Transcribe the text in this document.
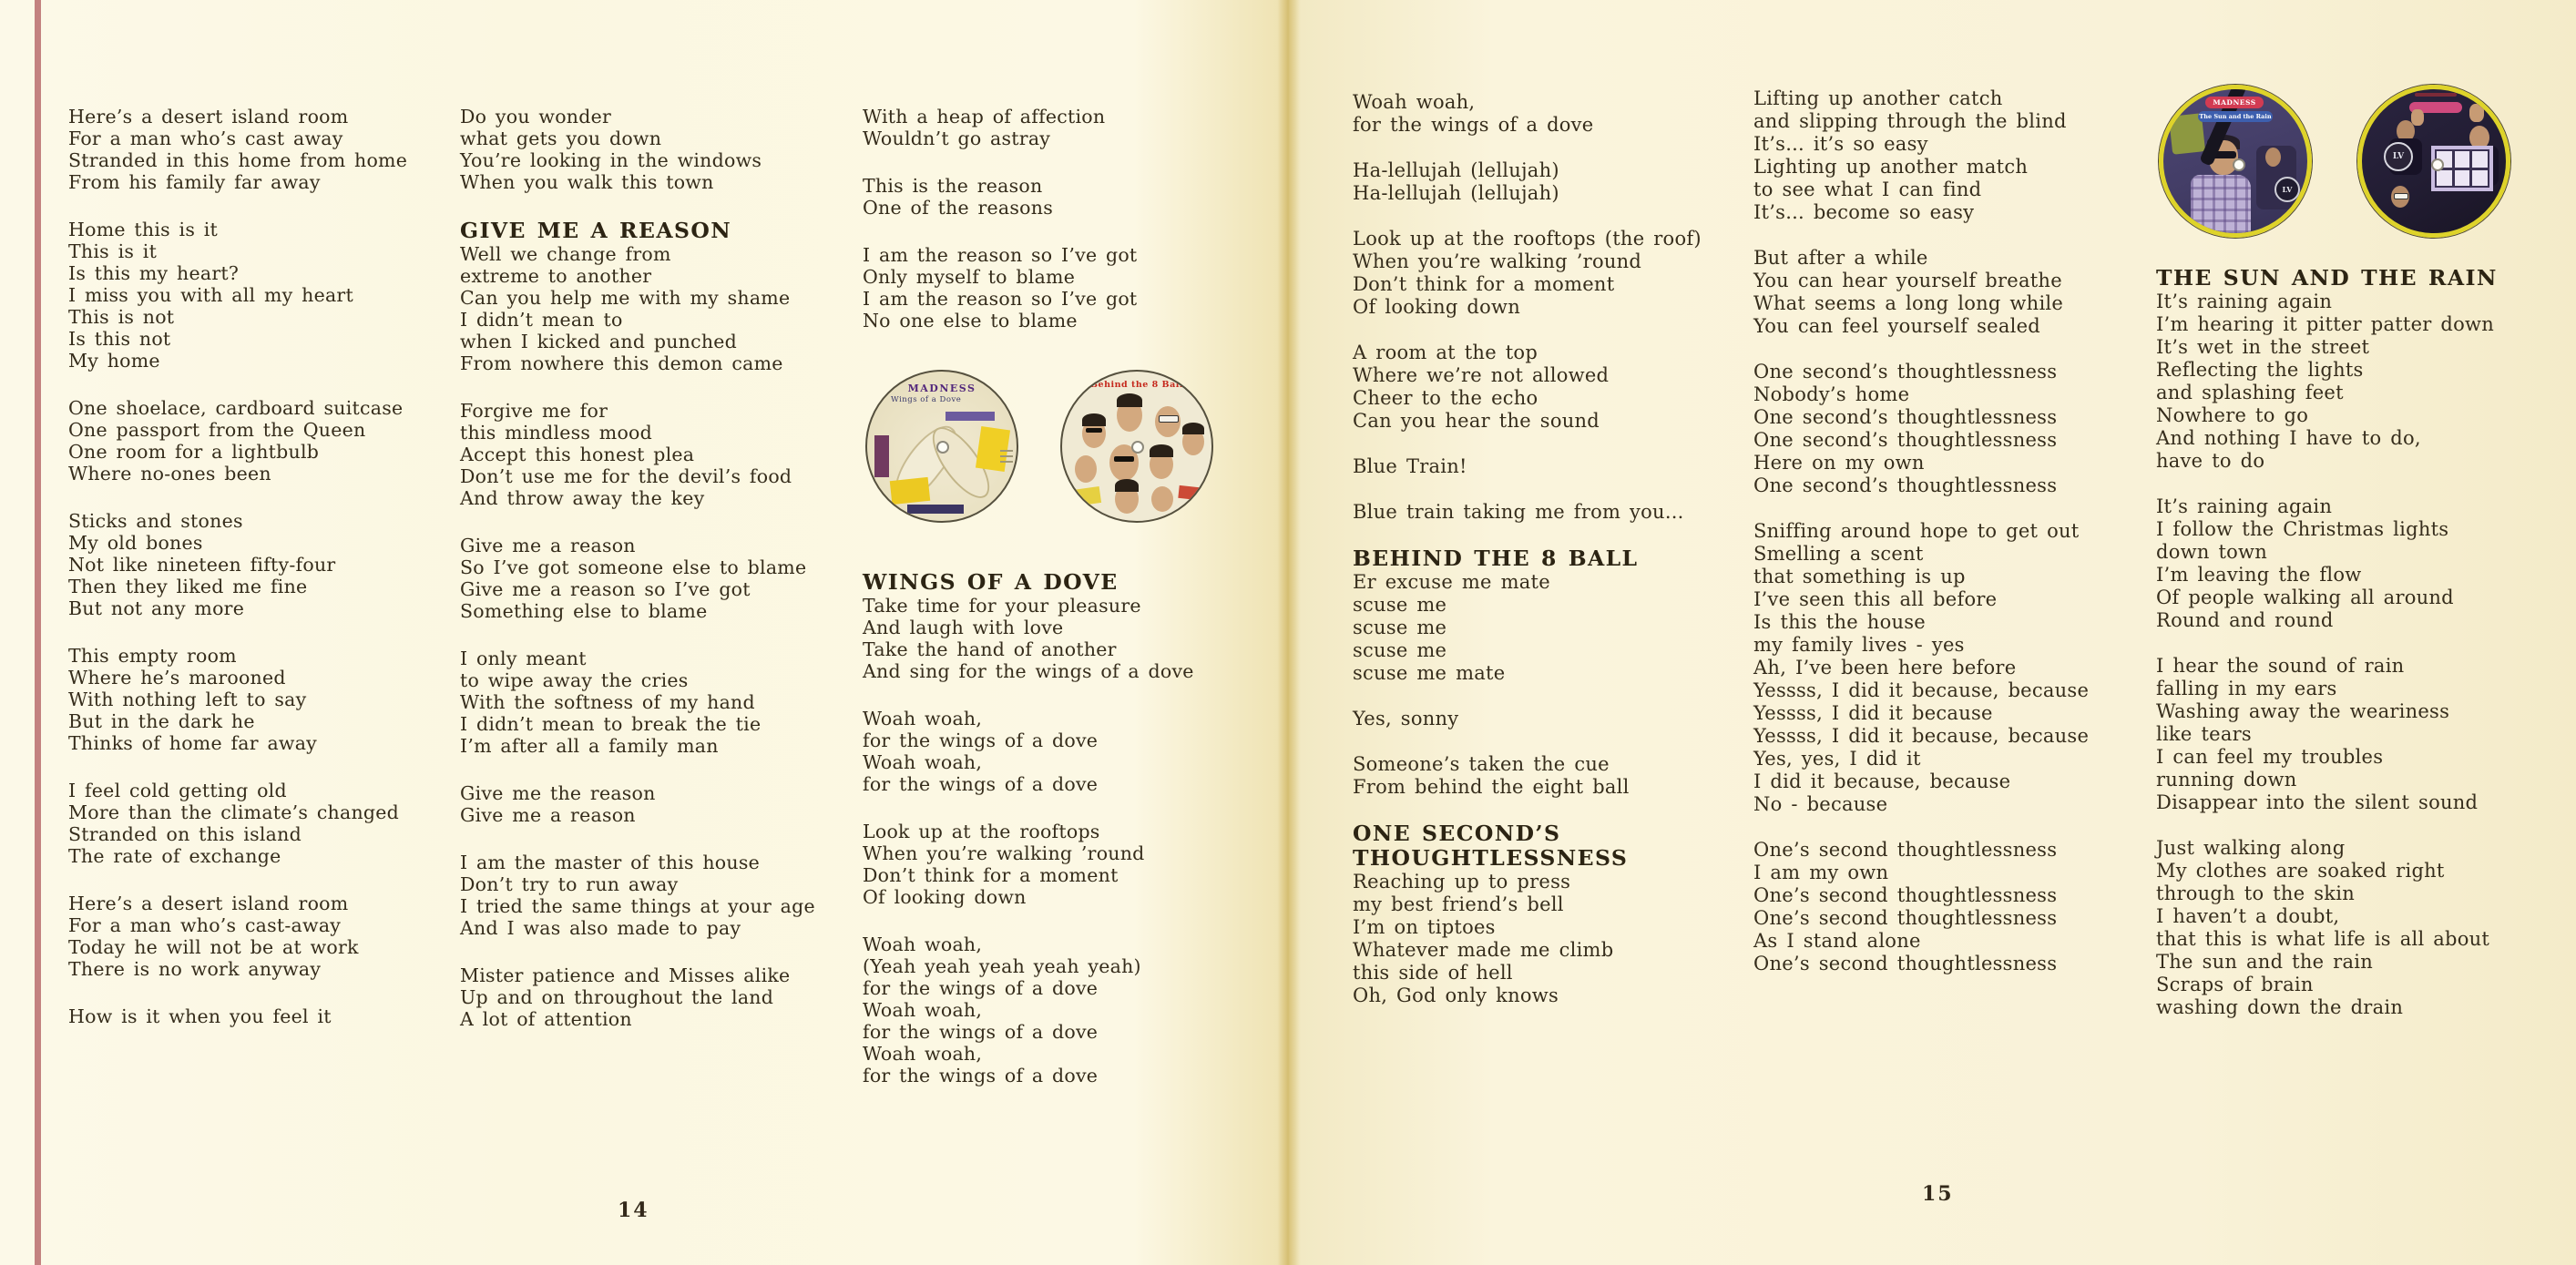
Here’s a desert island room
For a man who’s cast away
Stranded in this home from home
From his family far away
Home this is it
This is it
Is this my heart?
I miss you with all my heart
This is not
Is this not
My home
One shoelace, cardboard suitcase
One passport from the Queen
One room for a lightbulb
Where no-ones been
Sticks and stones
My old bones
Not like nineteen fifty-four
Then they liked me fine
But not any more
This empty room
Where he’s marooned
With nothing left to say
But in the dark he
Thinks of home far away
I feel cold getting old
More than the climate’s changed
Stranded on this island
The rate of exchange
Here’s a desert island room
For a man who’s cast-away
Today he will not be at work
There is no work anyway
How is it when you feel it
Do you wonder
what gets you down
You’re looking in the windows
When you walk this town
GIVE ME A REASON
Well we change from
extreme to another
Can you help me with my shame
I didn’t mean to
when I kicked and punched
From nowhere this demon came
Forgive me for
this mindless mood
Accept this honest plea
Don’t use me for the devil’s food
And throw away the key
Give me a reason
So I’ve got someone else to blame
Give me a reason so I’ve got
Something else to blame
I only meant
to wipe away the cries
With the softness of my hand
I didn’t mean to break the tie
I’m after all a family man
Give me the reason
Give me a reason
I am the master of this house
Don’t try to run away
I tried the same things at your age
And I was also made to pay
Mister patience and Misses alike
Up and on throughout the land
A lot of attention
With a heap of affection
Wouldn’t go astray
This is the reason
One of the reasons
I am the reason so I’ve got
Only myself to blame
I am the reason so I’ve got
No one else to blame
MADNESS
Wings of a Dove
Behind the 8 Ball
WINGS OF A DOVE
Take time for your pleasure
And laugh with love
Take the hand of another
And sing for the wings of a dove
Woah woah,
for the wings of a dove
Woah woah,
for the wings of a dove
Look up at the rooftops
When you’re walking ’round
Don’t think for a moment
Of looking down
Woah woah,
(Yeah yeah yeah yeah yeah)
for the wings of a dove
Woah woah,
for the wings of a dove
Woah woah,
for the wings of a dove
14
Woah woah,
for the wings of a dove
Ha-lellujah (lellujah)
Ha-lellujah (lellujah)
Look up at the rooftops (the roof)
When you’re walking ’round
Don’t think for a moment
Of looking down
A room at the top
Where we’re not allowed
Cheer to the echo
Can you hear the sound
Blue Train!
Blue train taking me from you...
BEHIND THE 8 BALL
Er excuse me mate
scuse me
scuse me
scuse me
scuse me mate
Yes, sonny
Someone’s taken the cue
From behind the eight ball
ONE SECOND’S THOUGHTLESSNESS
Reaching up to press
my best friend’s bell
I’m on tiptoes
Whatever made me climb
this side of hell
Oh, God only knows
Lifting up another catch
and slipping through the blind
It’s... it’s so easy
Lighting up another match
to see what I can find
It’s... become so easy
But after a while
You can hear yourself breathe
What seems a long long while
You can feel yourself sealed
One second’s thoughtlessness
Nobody’s home
One second’s thoughtlessness
One second’s thoughtlessness
Here on my own
One second’s thoughtlessness
Sniffing around hope to get out
Smelling a scent
that something is up
I’ve seen this all before
Is this the house
my family lives - yes
Ah, I’ve been here before
Yessss, I did it because, because
Yessss, I did it because
Yessss, I did it because, because
Yes, yes, I did it
I did it because, because
No - because
One’s second thoughtlessness
I am my own
One’s second thoughtlessness
One’s second thoughtlessness
As I stand alone
One’s second thoughtlessness
LV
MADNESS
The Sun and the Rain
LV
THE SUN AND THE RAIN
It’s raining again
I’m hearing it pitter patter down
It’s wet in the street
Reflecting the lights
and splashing feet
Nowhere to go
And nothing I have to do,
have to do
It’s raining again
I follow the Christmas lights
down town
I’m leaving the flow
Of people walking all around
Round and round
I hear the sound of rain
falling in my ears
Washing away the weariness
like tears
I can feel my troubles
running down
Disappear into the silent sound
Just walking along
My clothes are soaked right
through to the skin
I haven’t a doubt,
that this is what life is all about
The sun and the rain
Scraps of brain
washing down the drain
15
